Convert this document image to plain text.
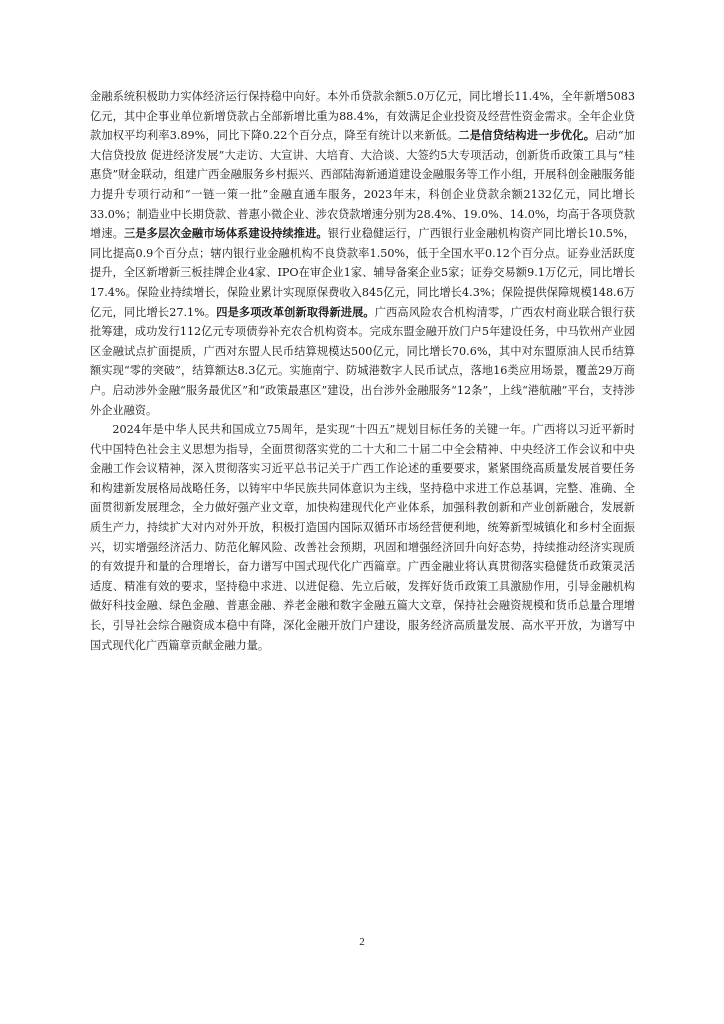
金融系统积极助力实体经济运行保持稳中向好。本外币贷款余额5.0万亿元，同比增长11.4%，全年新增5083亿元，其中企事业单位新增贷款占全部新增比重为88.4%，有效满足企业投资及经营性资金需求。全年企业贷款加权平均利率3.89%，同比下降0.22个百分点，降至有统计以来新低。二是信贷结构进一步优化。启动“加大信贷投放 促进经济发展”大走访、大宣讲、大培育、大洽谈、大签约5大专项活动，创新货币政策工具与“桂惠贷”财金联动，组建广西金融服务乡村振兴、西部陆海新通道建设金融服务等工作小组，开展科创金融服务能力提升专项行动和“一链一策一批”金融直通车服务，2023年末，科创企业贷款余额2132亿元，同比增长33.0%；制造业中长期贷款、普惠小微企业、涉农贷款增速分别为28.4%、19.0%、14.0%，均高于各项贷款增速。三是多层次金融市场体系建设持续推进。银行业稳健运行，广西银行业金融机构资产同比增长10.5%，同比提高0.9个百分点；辖内银行业金融机构不良贷款率1.50%，低于全国水平0.12个百分点。证券业活跃度提升，全区新增新三板挂牌企业4家、IPO在审企业1家、辅导备案企业5家；证券交易额9.1万亿元，同比增长17.4%。保险业持续增长，保险业累计实现原保费收入845亿元，同比增长4.3%；保险提供保障规模148.6万亿元，同比增长27.1%。四是多项改革创新取得新进展。广西高风险农合机构清零，广西农村商业联合银行获批筹建，成功发行112亿元专项债券补充农合机构资本。完成东盟金融开放门户5年建设任务，中马钦州产业园区金融试点扩面提质，广西对东盟人民币结算规模达500亿元，同比增长70.6%，其中对东盟原油人民币结算额实现“零的突破”，结算额达8.3亿元。实施南宁、防城港数字人民币试点，落地16类应用场景，覆盖29万商户。启动涉外金融“服务最优区”和“政策最惠区”建设，出台涉外金融服务“12条”，上线“港航融”平台，支持涉外企业融资。

2024年是中华人民共和国成立75周年，是实现“十四五”规划目标任务的关键一年。广西将以习近平新时代中国特色社会主义思想为指导，全面贯彻落实党的二十大和二十届二中全会精神、中央经济工作会议和中央金融工作会议精神，深入贯彻落实习近平总书记关于广西工作论述的重要要求，紧紧围绕高质量发展首要任务和构建新发展格局战略任务，以铸牢中华民族共同体意识为主线，坚持稳中求进工作总基调，完整、准确、全面贯彻新发展理念，全力做好强产业文章，加快构建现代化产业体系，加强科教创新和产业创新融合，发展新质生产力，持续扩大对内对外开放，积极打造国内国际双循环市场经营便利地，统筹新型城镇化和乡村全面振兴，切实增强经济活力、防范化解风险、改善社会预期，巩固和增强经济回升向好态势，持续推动经济实现质的有效提升和量的合理增长，奋力谱写中国式现代化广西篇章。广西金融业将认真贯彻落实稳健货币政策灵活适度、精准有效的要求，坚持稳中求进、以进促稳、先立后破，发挥好货币政策工具激励作用，引导金融机构做好科技金融、绿色金融、普惠金融、养老金融和数字金融五篇大文章，保持社会融资规模和货币总量合理增长，引导社会综合融资成本稳中有降，深化金融开放门户建设，服务经济高质量发展、高水平开放，为谱写中国式现代化广西篇章贡献金融力量。

2
